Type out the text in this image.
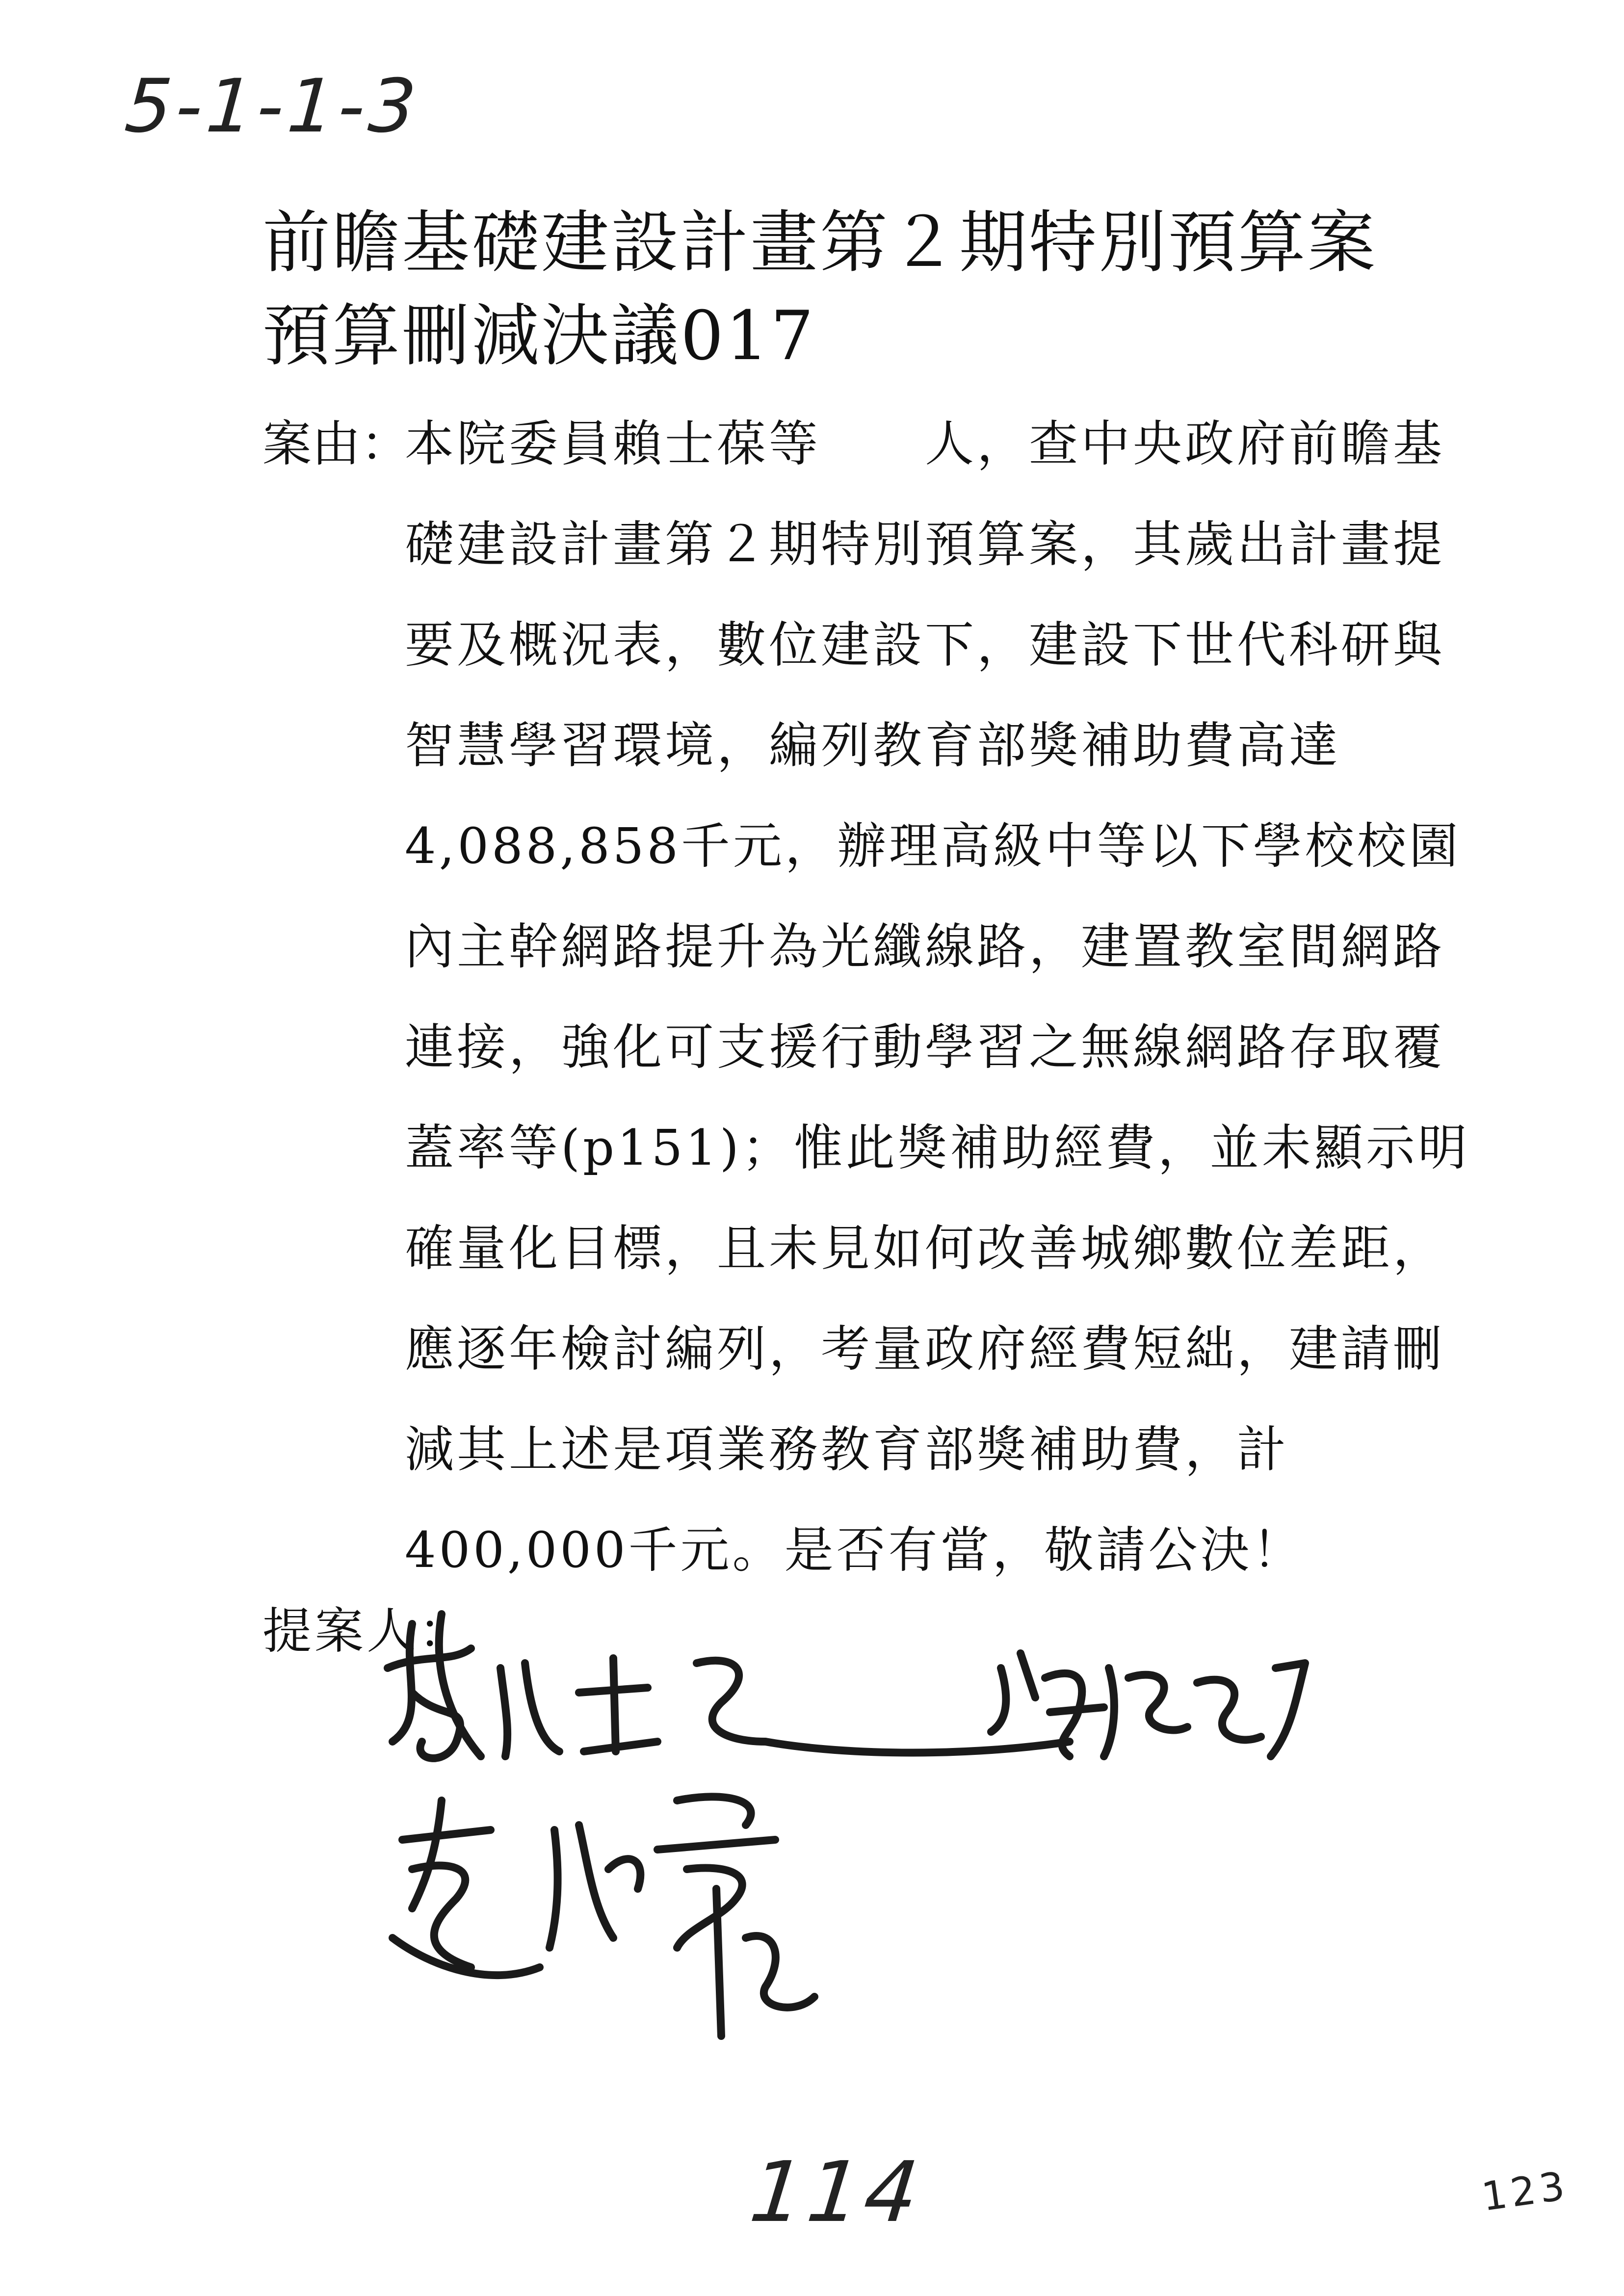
5-1-1-3
前瞻基礎建設計畫第２期特別預算案
預算刪減決議017
案由：
本院委員賴士葆等　　人，查中央政府前瞻基
礎建設計畫第２期特別預算案，其歲出計畫提
要及概況表，數位建設下，建設下世代科研與
智慧學習環境，編列教育部獎補助費高達
4,088,858千元，辦理高級中等以下學校校園
內主幹網路提升為光纖線路，建置教室間網路
連接，強化可支援行動學習之無線網路存取覆
蓋率等(p151)；惟此獎補助經費，並未顯示明
確量化目標，且未見如何改善城鄉數位差距，
應逐年檢討編列，考量政府經費短絀，建請刪
減其上述是項業務教育部獎補助費，計
400,000千元。是否有當，敬請公決！
提案人：
114	123
